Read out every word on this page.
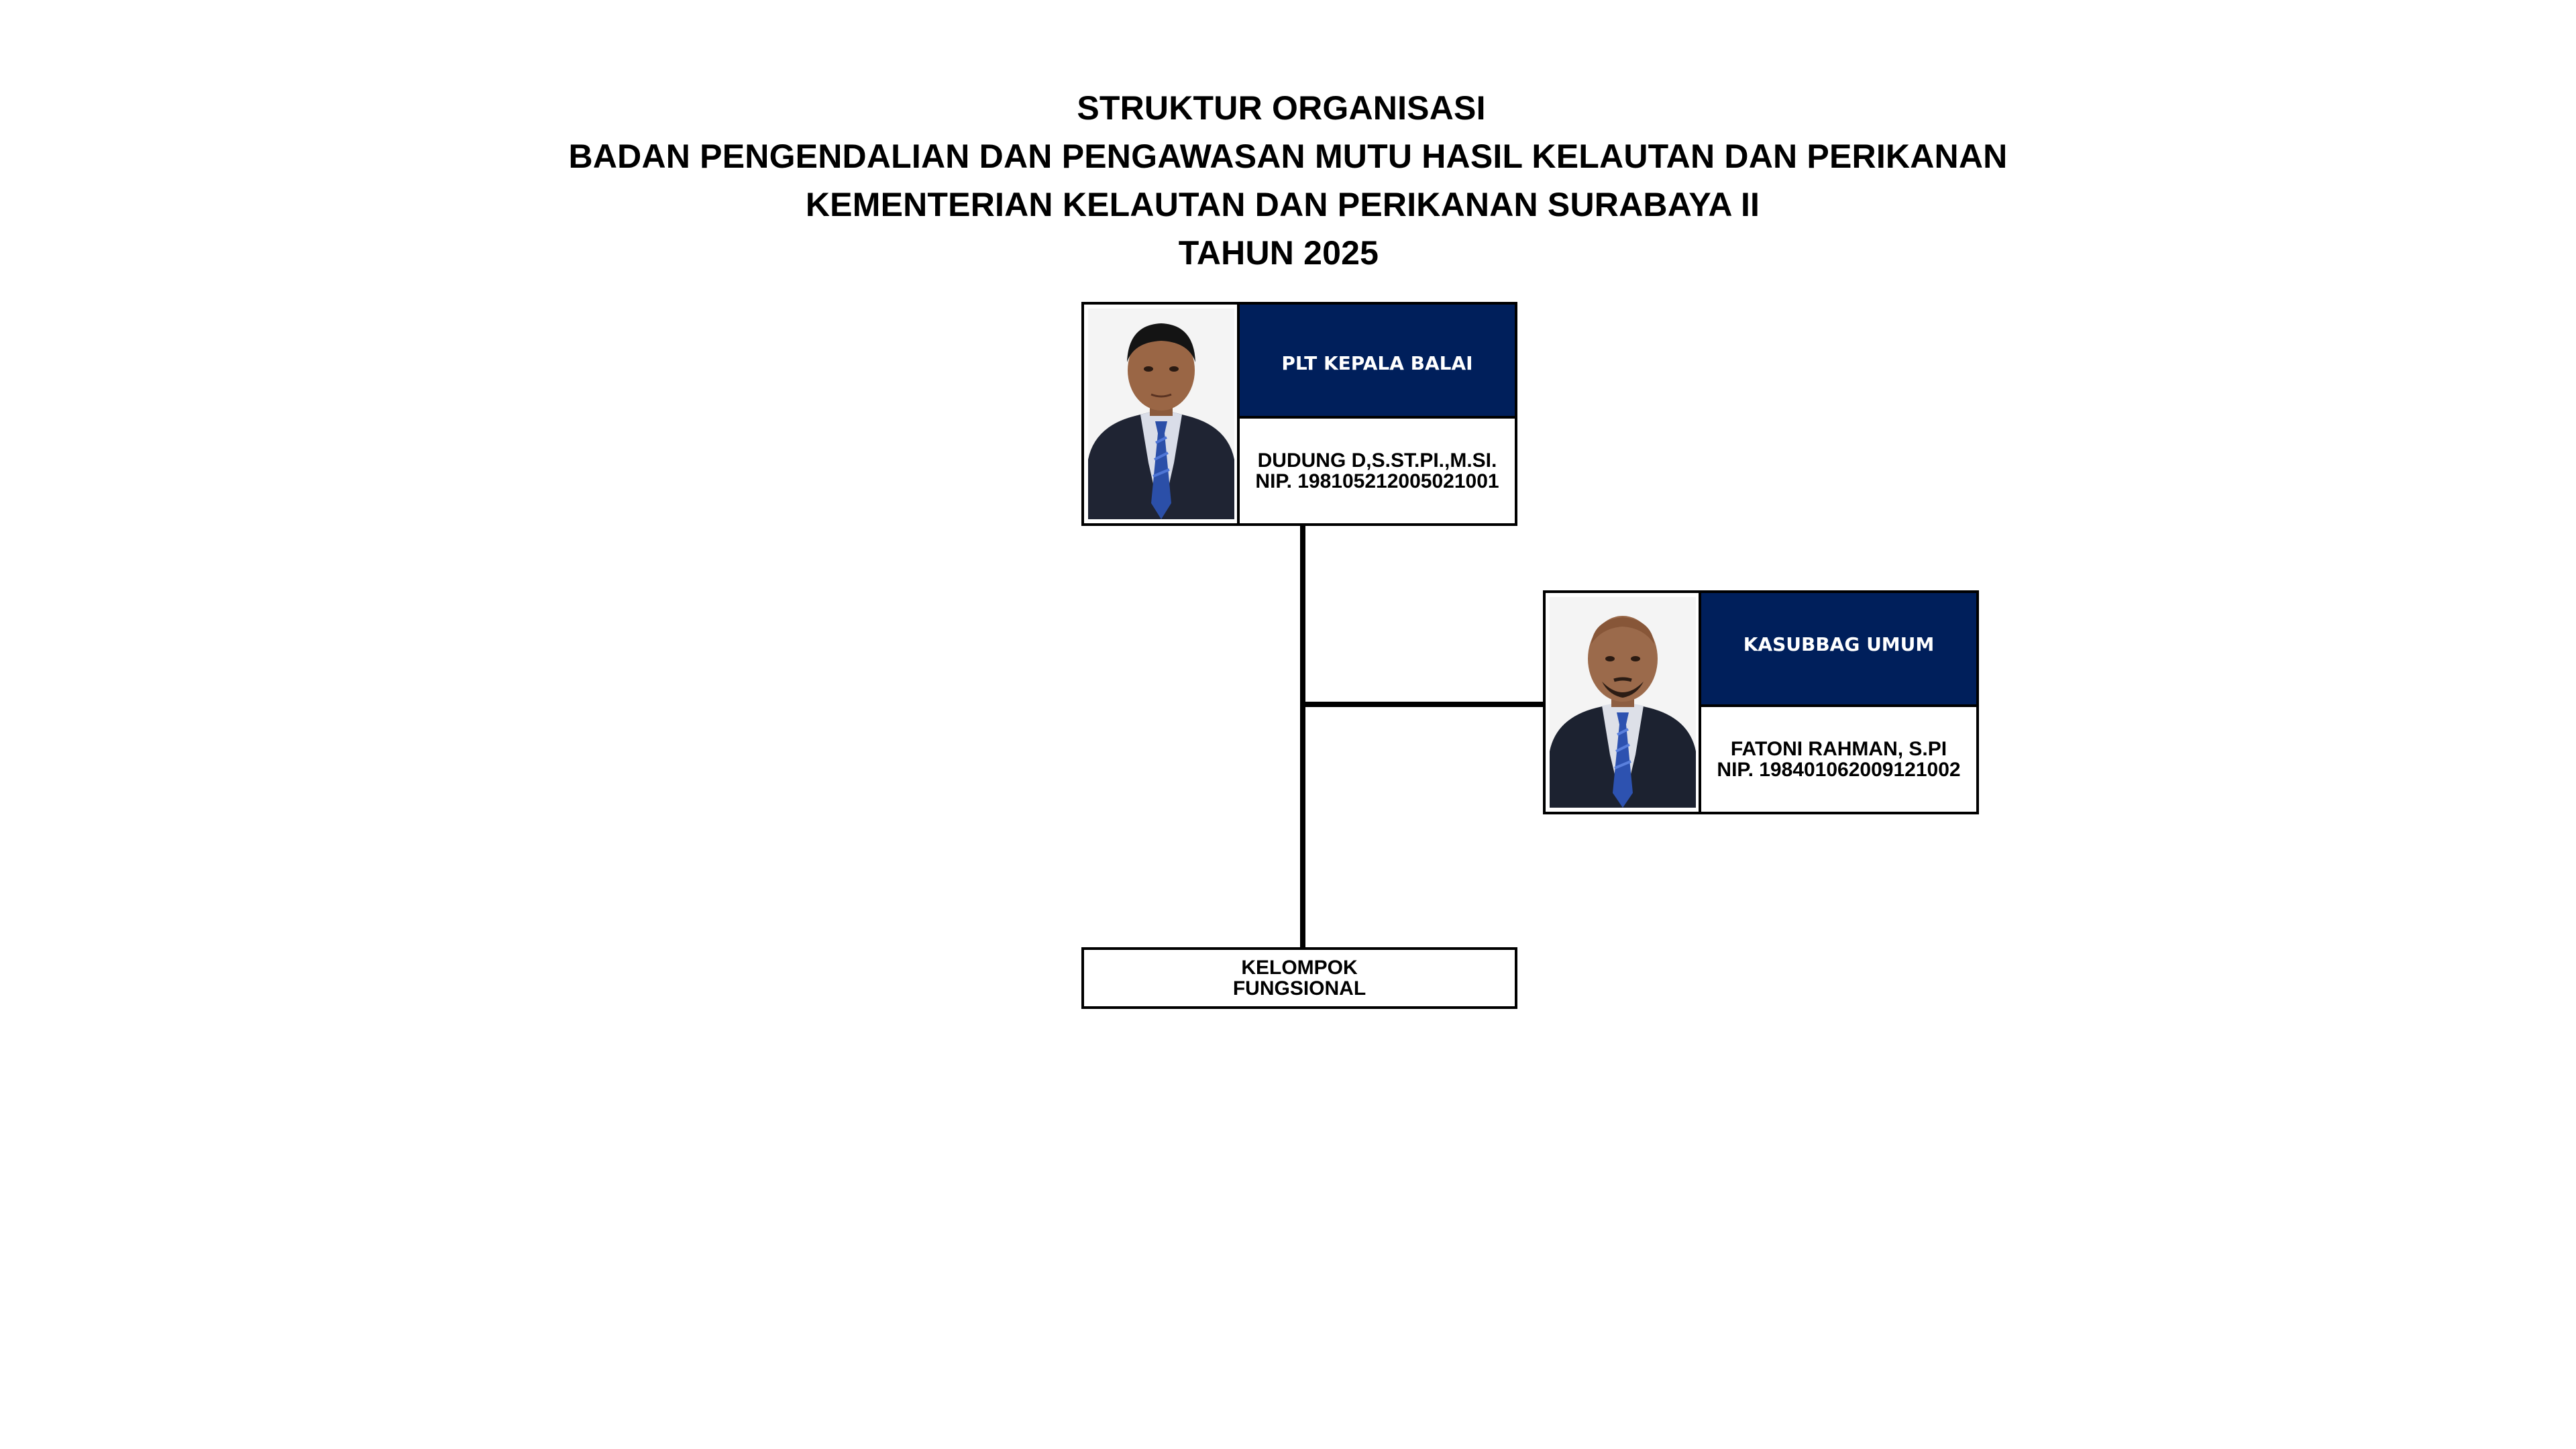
STRUKTUR ORGANISASI
BADAN PENGENDALIAN DAN PENGAWASAN MUTU HASIL KELAUTAN DAN PERIKANAN
KEMENTERIAN KELAUTAN DAN PERIKANAN SURABAYA II
TAHUN 2025
PLT KEPALA BALAI
DUDUNG D,S.ST.PI.,M.SI.
NIP. 198105212005021001
KASUBBAG UMUM
FATONI RAHMAN, S.PI
NIP. 198401062009121002
KELOMPOK
FUNGSIONAL
